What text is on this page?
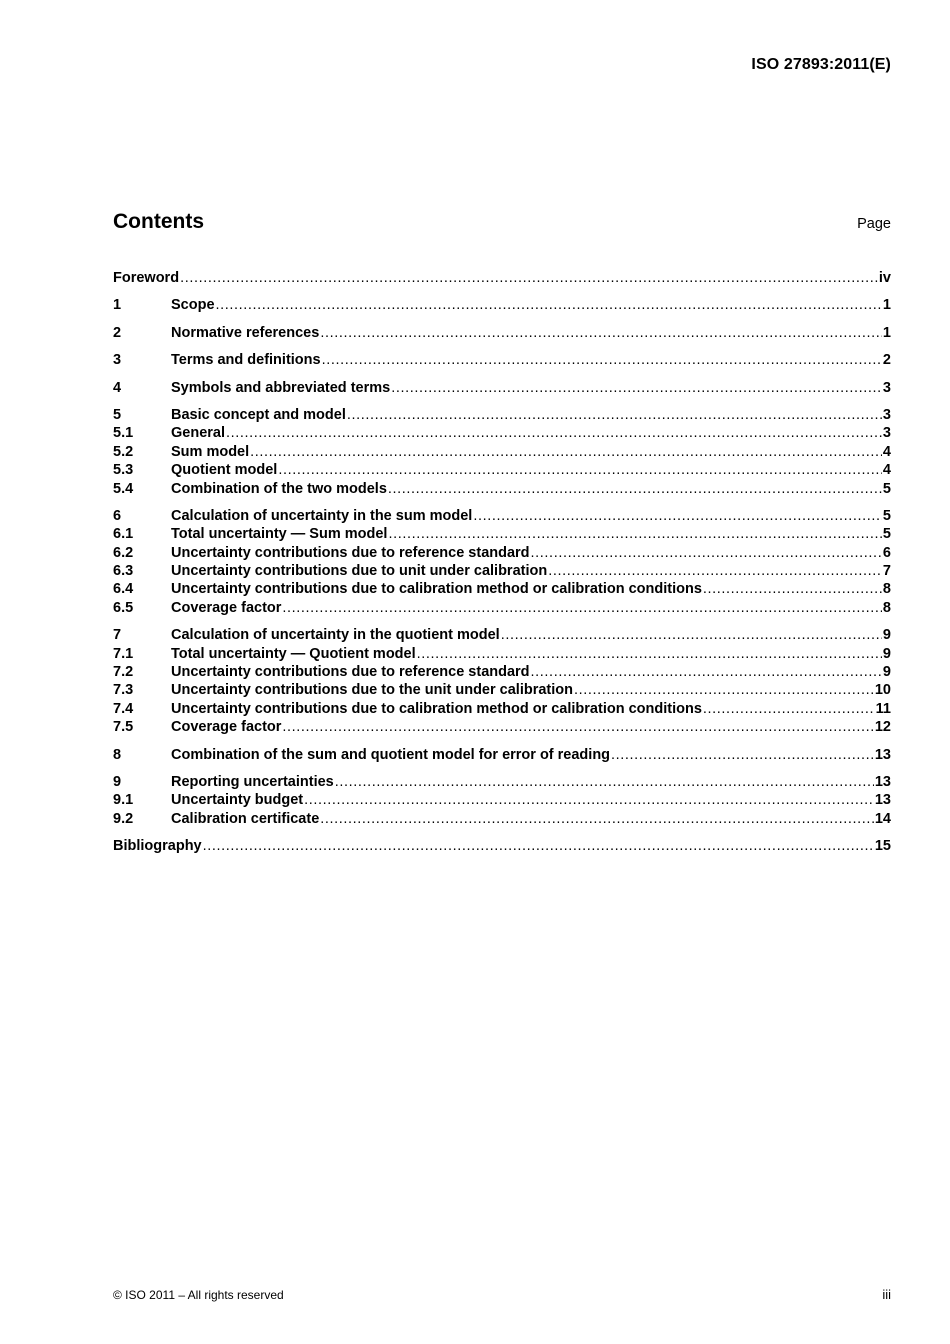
ISO 27893:2011(E)
Contents	Page
Foreword .....	iv
1	Scope .....	1
2	Normative references .....	1
3	Terms and definitions .....	2
4	Symbols and abbreviated terms .....	3
5	Basic concept and model .....	3
5.1	General .....	3
5.2	Sum model .....	4
5.3	Quotient model .....	4
5.4	Combination of the two models .....	5
6	Calculation of uncertainty in the sum model .....	5
6.1	Total uncertainty — Sum model .....	5
6.2	Uncertainty contributions due to reference standard .....	6
6.3	Uncertainty contributions due to unit under calibration .....	7
6.4	Uncertainty contributions due to calibration method or calibration conditions .....	8
6.5	Coverage factor .....	8
7	Calculation of uncertainty in the quotient model .....	9
7.1	Total uncertainty — Quotient model .....	9
7.2	Uncertainty contributions due to reference standard .....	9
7.3	Uncertainty contributions due to the unit under calibration .....	10
7.4	Uncertainty contributions due to calibration method or calibration conditions .....	11
7.5	Coverage factor .....	12
8	Combination of the sum and quotient model for error of reading .....	13
9	Reporting uncertainties .....	13
9.1	Uncertainty budget .....	13
9.2	Calibration certificate .....	14
Bibliography .....	15
© ISO 2011 – All rights reserved	iii
